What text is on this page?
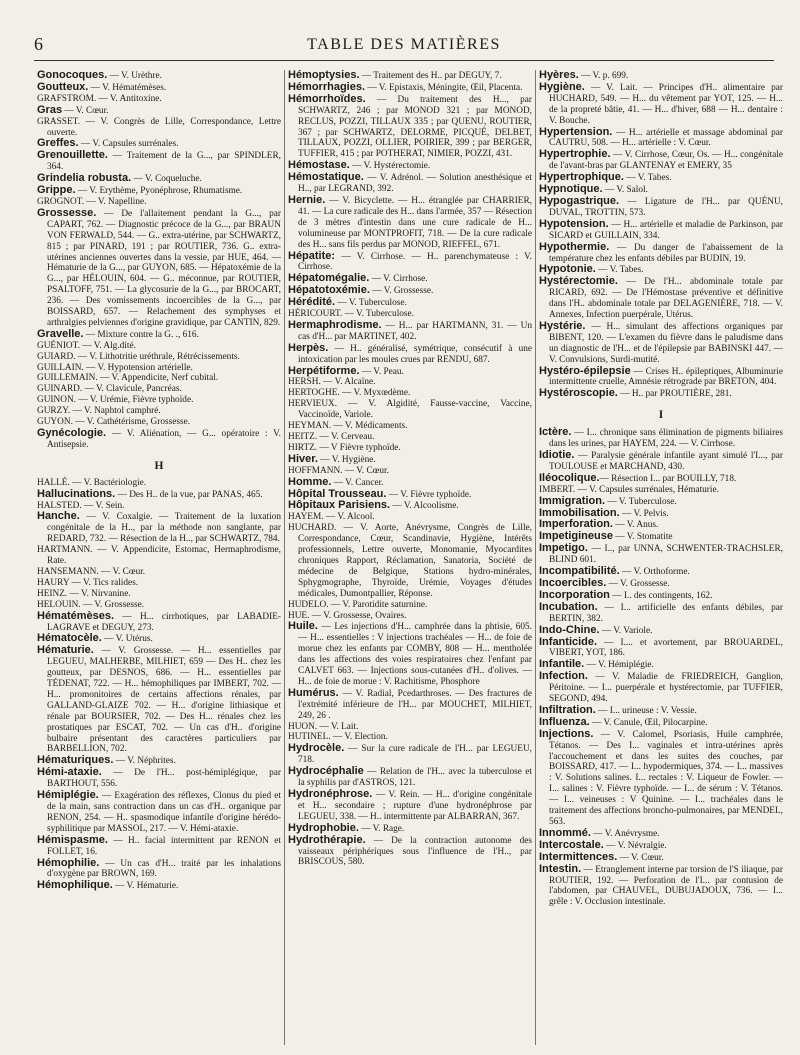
6	TABLE DES MATIÈRES

Gonocoques. — V. Urèthre.

Goutteux. — V. Hématémèses.

GRAFSTROM. — V. Antitoxine.

Gras — V. Cœur.

GRASSET. — V. Congrès de Lille, Correspondance, Lettre ouverte.

Greffes. — V. Capsules surrénales.

Grenouillette. — Traitement de la G..., par SPINDLER, 364.

Grindelia robusta. — V. Coqueluche.

Grippe. — V. Erythème, Pyonéphrose, Rhumatisme.

GROGNOT. — V. Napelline.

Grossesse. — De l'allaitement pendant la G..., par CAPART, 762. — Diagnostic précoce de la G..., par BRAUN VON FERWALD, 544. — G.. extra-utérine, par SCHWARTZ, 815 ; par PINARD, 191 ; par ROUTIER, 736. G.. extra-utérines anciennes ouvertes dans la vessie, par HUE, 464. — Hématurie de la G..., par GUYON, 685. — Hépatoxémie de la G..., par HÉLOUIN, 604. — G.. méconnue, par ROUTIER, PSALTOFF, 751. — La glycosurie de la G..., par BROCART, 236. — Des vomissements incoercibles de la G..., par BOISSARD, 657. — Relachement des symphyses et arthralgies pelviennes d'origine gravidique, par CANTIN, 829.

Gravelle. — Mixture contre la G. ., 616.

GUÉNIOT. — V. Alg.dité.

GUIARD. — V. Lithotritie uréthrale, Rétrécissements.

GUILLAIN. — V. Hypotension artérielle.

GUILLEMAIN. — V. Appendicite, Nerf cubital.

GUINARD. — V. Clavicule, Pancréas.

GUINON. — V. Urémie, Fièvre typhoïde.

GURZY. — V. Naphtol camphré.

GUYON. — V. Cathétérisme, Grossesse.

Gynécologie. — V. Aliénation, — G... opératoire : V. Antisepsie.

H

HALLÉ. — V. Bactériologie.

Hallucinations. — Des H.. de la vue, par PANAS, 465.

HALSTED. — V. Sein.

Hanche. — V. Coxalgie. — Traitement de la luxation congénitale de la H.., par la méthode non sanglante, par REDARD, 732. — Résection de la H.., par SCHWARTZ, 784.

HARTMANN. — V. Appendicite, Estomac, Hermaphrodisme, Rate.

HANSEMANN. — V. Cœur.

HAURY — V. Tics ralides.

HEINZ. — V. Nirvanine.

HELOUIN. — V. Grossesse.

Hématémèses. — H... cirrhotiques, par LABADIE-LAGRAVE et DEGUY, 273.

Hématocèle. — V. Utérus.

Hématurie. — V. Grossesse. — H... essentielles par LEGUEU, MALHERBE, MILHIET, 659 — Des H.. chez les goutteux, par DESNOS, 686. — H... essentielles par TÉDENAT, 722. — H... hémophiliques par IMBERT, 702. — H... promonitoires de certains affections rénales, par GALLAND-GLAIZE 702. — H... d'origine lithiasique et rénale par BOURSIER, 702. — Des H... rénales chez les prostatiques par ESCAT, 702. — Un cas d'H.. d'origine bulbaire présentant des caractères particuliers par BARBELLION, 702.

Hématuriques. — V. Néphrites.

Hémi-ataxie. — De l'H... post-hémiplégique, par BARTHOUT, 556.

Hémiplégie. — Exagération des réflexes, Clonus du pied et de la main, sans contraction dans un cas d'H.. organique par RENON, 254. — H.. spasmodique infantile d'origine hérédo-syphilitique par MASSOL, 217. — V. Hémi-ataxie.

Hémispasme. — H.. facial intermittent par RENON et FOLLET, 16.

Hémophilie. — Un cas d'H... traité par les inhalations d'oxygène par BROWN, 169.

Hémophilique. — V. Hématurie.

Hémoptysies. — Traitement des H.. par DEGUY, 7.

Hémorrhagies. — V. Epistaxis, Méningite, Œil, Placenta.

Hémorrhoïdes. — Du traitement des H..., par SCHWARTZ, 246 ; par MONOD 321 ; par MONOD, RECLUS, POZZI, TILLAUX 335 ; par QUENU, ROUTIER, 367 ; par SCHWARTZ, DELORME, PICQUÉ, DELBET, TILLAUX, POZZI, OLLIER, POIRIER, 399 ; par BERGER, TUFFIER, 415 ; par POTHERAT, NIMIER, POZZI, 431.

Hémostase. — V. Hystérectomie.

Hémostatique. — V. Adrénol. — Solution anesthésique et H.., par LEGRAND, 392.

Hernie. — V. Bicyclette. — H... étranglée par CHARRIER, 41. — La cure radicale des H... dans l'armée, 357 — Résection de 3 mètres d'intestin dans une cure radicale de H... volumineuse par MONTPROFIT, 718. — De la cure radicale des H... sans fils perdus par MONOD, RIEFFEL, 671.

Hépatite: — V. Cirrhose. — H.. parenchymateuse : V. Cirrhose.

Hépatomégalie. — V. Cirrhose.

Hépatotoxémie. — V. Grossesse.

Hérédité. — V. Tuberculose.

HÉRICOURT. — V. Tuberculose.

Hermaphrodisme. — H... par HARTMANN, 31. — Un cas d'H... par MARTINET, 402.

Herpès. — H.. généralisé, symétrique, consécutif à une intoxication par les moules crues par RENDU, 687.

Herpétiforme. — V. Peau.

HERSH. — V. Alcaïne.

HERTOGHE. — V. Myxœdème.

HERVIEUX. — V. Algidité, Fausse-vaccine, Vaccine, Vaccinoïde, Variole.

HEYMAN. — V. Médicaments.

HEITZ. — V. Cerveau.

HIRTZ. — V Fièvre typhoïde.

Hiver. — V. Hygiène.

HOFFMANN. — V. Cœur.

Homme. — V. Cancer.

Hôpital Trousseau. — V. Fièvre typhoïde.

Hôpitaux Parisiens. — V. Alcoolisme.

HAYEM. — V. Alcool.

HUCHARD. — V. Aorte, Anévrysme, Congrès de Lille, Correspondance, Cœur, Scandinavie, Hygiène, Intérêts professionnels, Lettre ouverte, Monomanie, Myocardites chroniques Rapport, Réclamation, Sanatoria, Société de médecine de Belgique, Stations hydro-minérales, Sphygmographe, Thyroïde, Urémie, Voyages d'études médicales, Dumontpallier, Réponse.

HUDELO. — V. Parotidite saturnine.

HUE. — V. Grossesse, Ovaires.

Huile. — Les injections d'H... camphrée dans la phtisie, 605. — H... essentielles : V injections trachéales — H... de foie de morue chez les enfants par COMBY, 808 — H... mentholée dans les affections des voies respiratoires chez l'enfant par CALVET 663. — Injections sous-cutanées d'H.. d'olives. — H... de foie de morue : V. Rachitisme, Phosphore

Humérus. — V. Radial, Pcedarthroses. — Des fractures de l'extrémité inférieure de l'H... par MOUCHET, MILHIET, 249, 26 .

HUON. — V. Lait.

HUTINEL. — V. Election.

Hydrocèle. — Sur la cure radicale de l'H... par LEGUEU, 718.

Hydrocéphalie — Relation de l'H... avec la tuberculose et la syphilis par d'ASTROS, 121.

Hydronéphrose. — V. Rein. — H... d'origine congénitale et H... secondaire ; rupture d'une hydronéphrose par LEGUEU, 338. — H.. intermittente par ALBARRAN, 367.

Hydrophobie. — V. Rage.

Hydrothérapie. — De la contraction autonome des vaisseaux périphériques sous l'influence de l'H.., par BRISCOUS, 580.

Hyères. — V. p. 699.

Hygiène. — V. Lait. — Principes d'H.. alimentaire par HUCHARD, 549. — H... du vêtement par YOT, 125. — H... de la propreté bâtie, 41. — H... d'hiver, 688 — H... dentaire : V. Bouche.

Hypertension. — H... artérielle et massage abdominal par CAUTRU, 508. — H... artérielle : V. Cœur.

Hypertrophie. — V. Cirrhose, Cœur, Os. — H... congénitale de l'avant-bras par GLANTENAY et EMERY, 35

Hypertrophique. — V. Tabes.

Hypnotique. — V. Salol.

Hypogastrique. — Ligature de l'H... par QUÉNU, DUVAL, TROTTIN, 573.

Hypotension. — H... artérielle et maladie de Parkinson, par SICARD et GUILLAIN, 334.

Hypothermie. — Du danger de l'abaissement de la température chez les enfants débiles par BUDIN, 19.

Hypotonie. — V. Tabes.

Hystérectomie. — De l'H... abdominale totale par RICARD, 692. — De l'Hémostase préventive et définitive dans l'H.. abdominale totale par DELAGENIÈRE, 718. — V. Annexes, Infection puerpérale, Utérus.

Hystérie. — H... simulant des affections organiques par BIBENT, 120. — L'examen du fièvre dans le paludisme dans un diagnostic de l'H... et de l'épilepsie par BABINSKI 447. — V. Convulsions, Surdi-mutité.

Hystéro-épilepsie — Crises H.. épileptiques, Albuminurie intermittente cruelle, Amnésie rétrograde par BRETON, 404.

Hystéroscopie. — H.. par PROUTIÈRE, 281.

I

Ictère. — I... chronique sans élimination de pigments biliaires dans les urines, par HAYEM, 224. — V. Cirrhose.

Idiotie. — Paralysie générale infantile ayant simulé l'I..., par TOULOUSE et MARCHAND, 430.

Iléocolique.— Résection I... par BOUILLY, 718.

IMBERT. — V. Capsules surrénales, Hématurie.

Immigration. — V. Tuberculose.

Immobilisation. — V. Pelvis.

Imperforation. — V. Anus.

Impetigineuse — V. Stomatite

Impetigo. — I.., par UNNA, SCHWENTER-TRACHSLER, BLIND 601.

Incompatibilité. — V. Orthoforme.

Incoercibles. — V. Grossesse.

Incorporation — I.. des contingents, 162.

Incubation. — I... artificielle des enfants débiles, par BERTIN, 382.

Indo-Chine. — V. Variole.

Infanticide. — I.... et avortement, par BROUARDEL, VIBERT, YOT, 186.

Infantile. — V. Hémiplégie.

Infection. — V. Maladie de FRIEDREICH, Ganglion, Péritoine. — I... puerpérale et hystérectomie, par TUFFIER, SEGOND, 494.

Infiltration. — I... urineuse : V. Vessie.

Influenza. — V. Canule, Œil, Pilocarpine.

Injections. — V. Calomel, Psoriasis, Huile camphrée, Tétanos. — Des I... vaginales et intra-utérines après l'accouchement et dans les suites des couches, par BOISSARD, 417. — I... hypodermiques, 374. — I... massives : V. Solutions salines. I... rectales : V. Liqueur de Fowler. — I... salines : V. Fièvre typhoïde. — I... de sérum : V. Tétanos. — I... veineuses : V Quinine. — I... trachéales dans le traitement des affections broncho-pulmonaires, par MENDEL, 563.

Innommé. — V. Anévrysme.

Intercostale. — V. Névralgie.

Intermittences. — V. Cœur.

Intestin. — Etranglement interne par torsion de l'S iliaque, par ROUTIER, 192. — Perforation de l'I... par contusion de l'abdomen, par CHAUVEL, DUBUJADOUX, 736. — I... grêle : V. Occlusion intestinale.
